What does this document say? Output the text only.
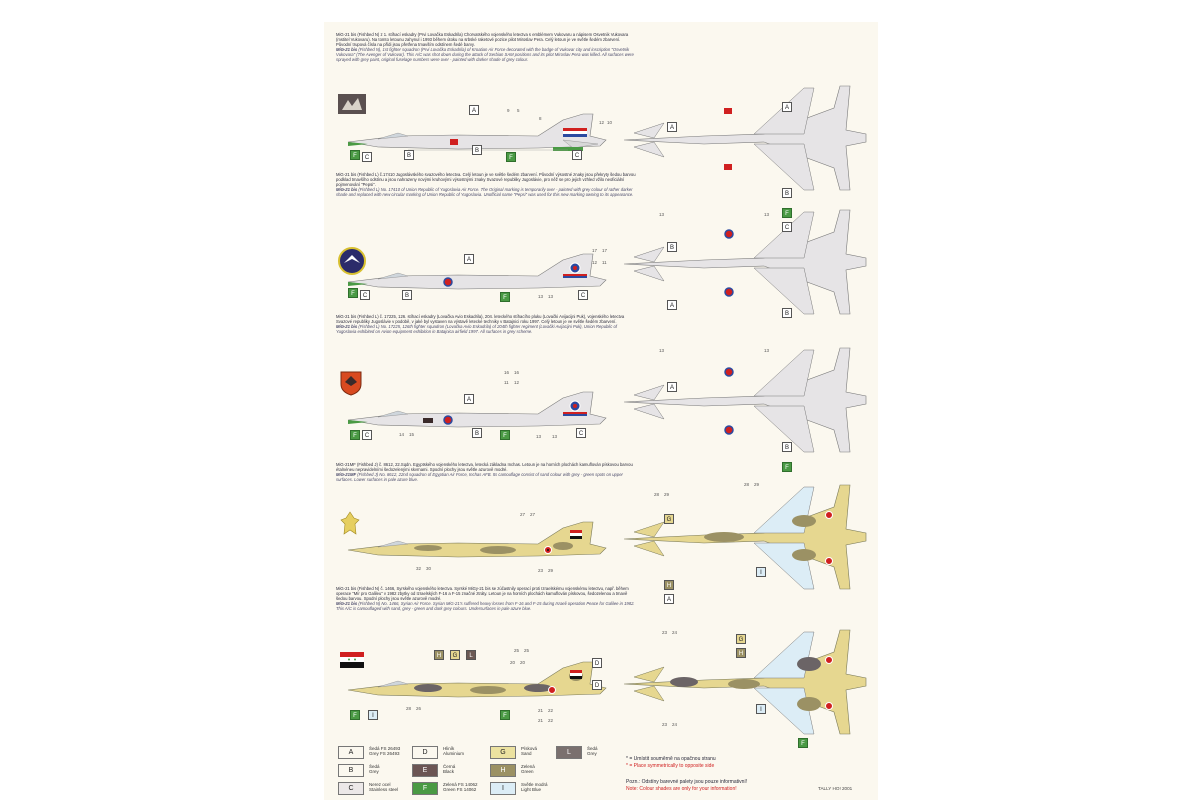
MiG-21 bis (Fishbed N) z 1. stíhací eskadry (Prvi Lovačka Eskadrila) Chorvatského vojenského letectva s emblémem Vukovaru a nápisem Osvetnik Vukovara (mstitel Vukovaru). Na tomto letounu zahynul i 1993 během útoku na srbské raketové pozice pilot Miroslav Pera. Celý letoun je ve světle šedém zbarvení. Původní trupová čísla na přídi jsou přetřena tmavším odstínem šedé barvy.
MiG-21 bis (Fishbed N), 1st fighter squadron (Prvi Lovačka Eskadrila) of Kroatian Air Force decorated with the badge of Vukovar city and inscription "Osvetnik Vukovara" (The Avenger of Vukovar). This A/C was shot down during the attack of Serbian SAM positions and its pilot Miroslav Pera was killed. All surfaces were sprayed with grey paint, original fuselage numbers were over - painted with darker shade of grey colour.
A
F	C	B
B
F	C
A
A
B
F
9 5
8
12 10
MiG-21 bis (Fishbed L) č.17410 Jugoslávského svazového letectva. Celý letoun je ve světle šedém zbarvení. Původní výsostné znaky jsou překryty šedou barvou podklad tmavšího odstínu a jsou nahrazeny novými kruhovými výsostnými znaky Svazové republiky Jugoslávie, pro něž se pro jejich vzhled vžilo neoficiální pojmenování "Pepsi".
MiG-21 bis (Fishbed L) No. 17410 of Union Republic of Yugoslavia Air Force. The Original marking is temporarily over - painted with grey colour of rather darker shade and replaced with new circular marking of Union Republic of Yugoslavia. Unofficial name "Pepsi" was used for this new marking owning to its appearance.
A
F	C	B	F	C
B
A
C
B
17 17
12 11
13 13
13	13
MiG-21 bis (Fishbed L) č. 17225, 126. stíhací eskadry (Lovačka Avio Eskadrila), 204. leteckého stíhacího pluku (Lovački Avijacijni Puk), vojenského letectva Svazové republiky Jugoslávie v podobě, v jaké byl vystaven na výstavě letecké techniky v Batajnici roku 1997. Celý letoun je ve světle šedém zbarvení.
MiG-21 bis (Fishbed L) No. 17225, 126th fighter squadron (Lovačka Avio Eskadrila) of 204th fighter regiment (Lovački Avijacijni Puk), Union Republic of Yugoslavia exhibited on Avion equipment exhibition in Batajnica airfield 1997. All surfaces in grey scheme.
A
F	C	B	F	C
A
B
F
16 16
11 12
14 15	13 13
13	13
MiG-21MF (Fishbed J) č. 8612, 22.Sqdn. Egyptského vojenského letectva, letecká základna Inchas. Letoun je na horních plochách kamuflován pískovou barvou étalnéneu nepravidelními šedozelenými skvrnami. Spodní plochy jsou světle azurově modré.
MiG-21MF (Fishbed J) No. 8612, 22nd squadron of Egyptian Air Force, Inchas AFB. Its camouflage consist of sand colour with grey - green spots on upper surfaces. Lower surfaces in pale azure blue.
G
H
A
I
27 27
32 30	23 29
28 29
28 29
MiG-21 bis (Fishbed N) č. 1466, Syrského vojenského letectva. Syrské MiGy-21 bis se zúčastnily operací proti Izraelskému vojenskému letectvu, např. během operace "Mír pro Galileu" v 1982 zbytky od Izraelských F-16 a F-15 značné ztráty. Letoun je na horních plochách kamuflován pískovou, šedozelenou a tmavě šedou barvou. Spodní plochy jsou světle azurově modré.
MiG-21 bis (Fishbed N) No. 1466, Syrian Air Force. Syrian MiG-21's suffered heavy losses from F-16 and F-15 during Israeli operation Peace for Galilee in 1982. This A/C is camouflaged with sand, grey - green and dark grey colours. Undersurfaces in pale azure blue.
H	G	L
D
F	I	F
D
G
I
F
H
25 25
20 20
28 26	21 22
21 22
23 24
23 24
A
Šedá FS 26493
Grey FS 26493
B
Šedá
Grey
C
Nerez ocel
Stainless steel
D
Hliník
Aluminium
E
Černá
Black
F
Zelená FS 14062
Green FS 14062
G
Písková
Sand
H
Zelená
Green
I
Světle modrá
Light Blue
L
Šedá
Grey
* = Umístit souměrně na opačnou stranu
* = Place symmetrically to opposite side
Pozn.: Odstíny barevné palety jsou pouze informativní!
Note: Colour shades are only for your information!	TALLY HO! 2001
